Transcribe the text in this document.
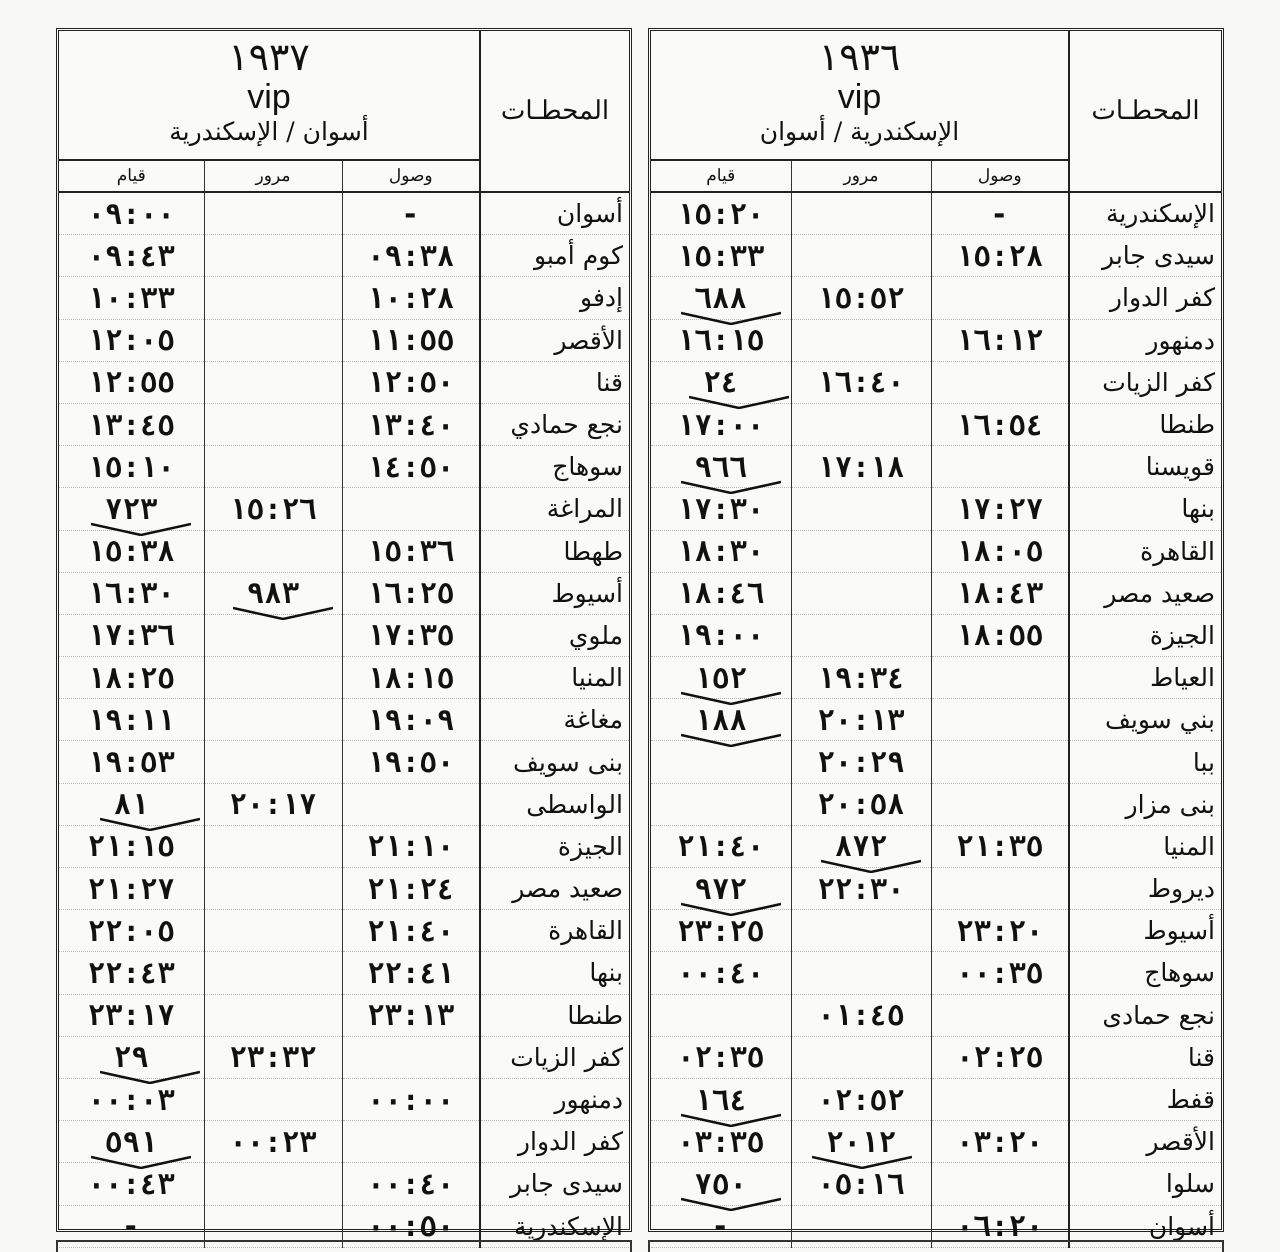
١٩٣٧
vip
أسوان / الإسكندرية			المحطـات
قيام	مرور	وصول	
٠٩:٠٠		-	أسوان
٠٩:٤٣		٠٩:٣٨	كوم أمبو
١٠:٣٣		١٠:٢٨	إدفو
١٢:٠٥		١١:٥٥	الأقصر
١٢:٥٥		١٢:٥٠	قنا
١٣:٤٥		١٣:٤٠	نجع حمادي
١٥:١٠		١٤:٥٠	سوهاج
٧٢٣	١٥:٢٦		المراغة
١٥:٣٨		١٥:٣٦	طهطا
١٦:٣٠	٩٨٣	١٦:٢٥	أسيوط
١٧:٣٦		١٧:٣٥	ملوي
١٨:٢٥		١٨:١٥	المنيا
١٩:١١		١٩:٠٩	مغاغة
١٩:٥٣		١٩:٥٠	بنى سويف
٨١	٢٠:١٧		الواسطى
٢١:١٥		٢١:١٠	الجيزة
٢١:٢٧		٢١:٢٤	صعيد مصر
٢٢:٠٥		٢١:٤٠	القاهرة
٢٢:٤٣		٢٢:٤١	بنها
٢٣:١٧		٢٣:١٣	طنطا
٢٩	٢٣:٣٢		كفر الزيات
٠٠:٠٣		٠٠:٠٠	دمنهور
٥٩١	٠٠:٢٣		كفر الدوار
٠٠:٤٣		٠٠:٤٠	سيدى جابر
-		٠٠:٥٠	الإسكندرية
١٩٣٦
vip
الإسكندرية / أسوان			المحطـات
قيام	مرور	وصول	
١٥:٢٠		-	الإسكندرية
١٥:٣٣		١٥:٢٨	سيدى جابر
٦٨٨	١٥:٥٢		كفر الدوار
١٦:١٥		١٦:١٢	دمنهور
٢٤	١٦:٤٠		كفر الزيات
١٧:٠٠		١٦:٥٤	طنطا
٩٦٦	١٧:١٨		قويسنا
١٧:٣٠		١٧:٢٧	بنها
١٨:٣٠		١٨:٠٥	القاهرة
١٨:٤٦		١٨:٤٣	صعيد مصر
١٩:٠٠		١٨:٥٥	الجيزة
١٥٢	١٩:٣٤		العياط
١٨٨	٢٠:١٣		بني سويف
	٢٠:٢٩		ببا
	٢٠:٥٨		بنى مزار
٢١:٤٠	٨٧٢	٢١:٣٥	المنيا
٩٧٢	٢٢:٣٠		ديروط
٢٣:٢٥		٢٣:٢٠	أسيوط
٠٠:٤٠		٠٠:٣٥	سوهاج
	٠١:٤٥		نجع حمادى
٠٢:٣٥		٠٢:٢٥	قنا
١٦٤	٠٢:٥٢		قفط
٠٣:٣٥	٢٠١٢	٠٣:٢٠	الأقصر
٧٥٠	٠٥:١٦		سلوا
-		٠٦:٢٠	أسوان
